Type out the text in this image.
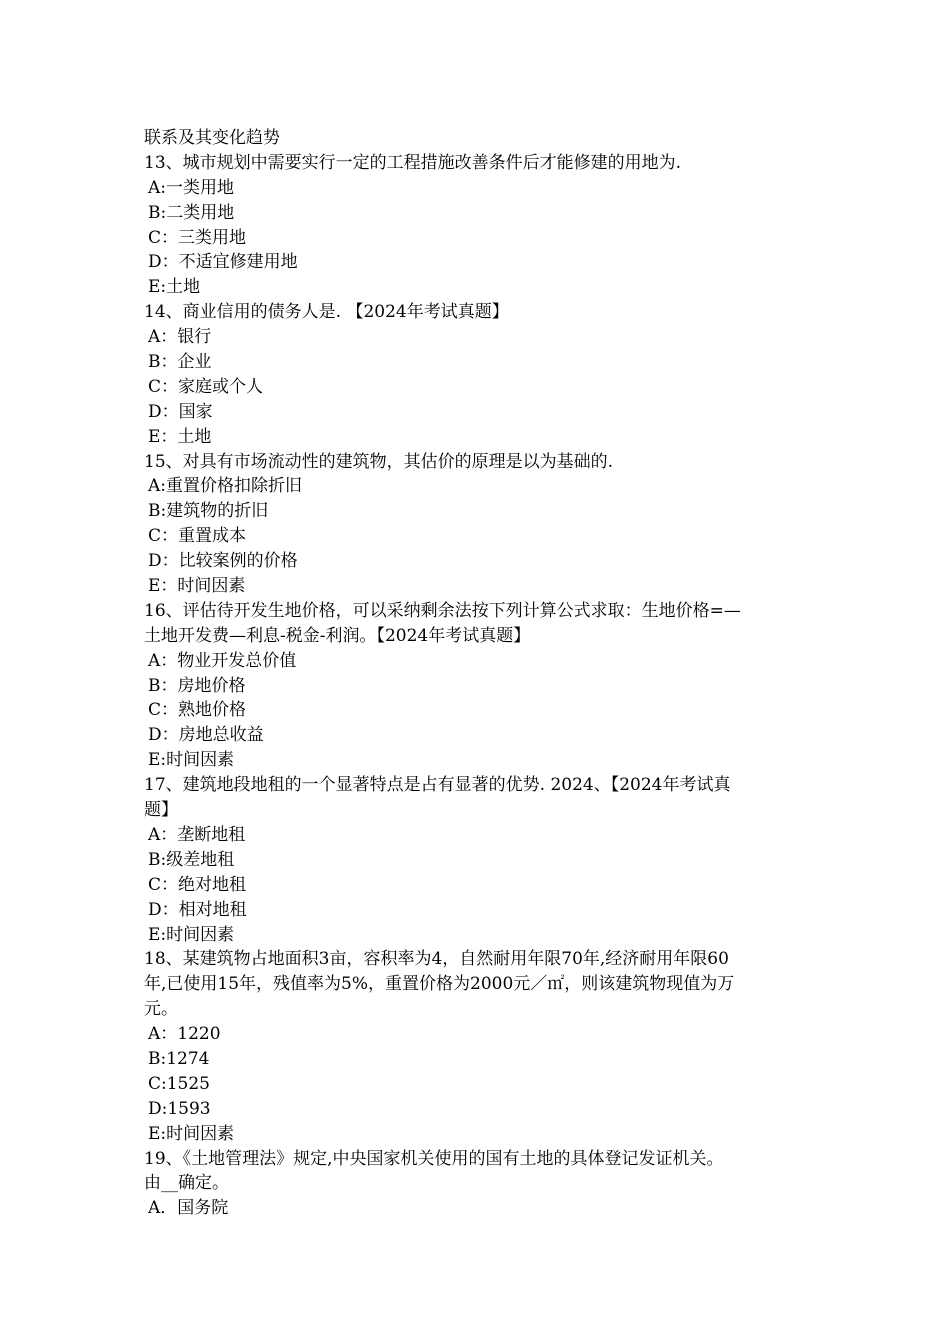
联系及其变化趋势
13、城市规划中需要实行一定的工程措施改善条件后才能修建的用地为.
A:一类用地
B:二类用地
C：三类用地
D：不适宜修建用地
E:土地
14、商业信用的债务人是. 【2024年考试真题】
A：银行
B：企业
C：家庭或个人
D：国家
E：土地
15、对具有市场流动性的建筑物，其估价的原理是以为基础的.
A:重置价格扣除折旧
B:建筑物的折旧
C：重置成本
D：比较案例的价格
E：时间因素
16、评估待开发生地价格，可以采纳剩余法按下列计算公式求取：生地价格=—
土地开发费—利息-税金-利润。【2024年考试真题】
A：物业开发总价值
B：房地价格
C：熟地价格
D：房地总收益
E:时间因素
17、建筑地段地租的一个显著特点是占有显著的优势. 2024、【2024年考试真
题】
A：垄断地租
B:级差地租
C：绝对地租
D：相对地租
E:时间因素
18、某建筑物占地面积3亩，容积率为4，自然耐用年限70年,经济耐用年限60
年,已使用15年，残值率为5%，重置价格为2000元／㎡，则该建筑物现值为万
元。
A：1220
B:1274
C:1525
D:1593
E:时间因素
19、《土地管理法》规定,中央国家机关使用的国有土地的具体登记发证机关。
由__确定。
A．国务院
